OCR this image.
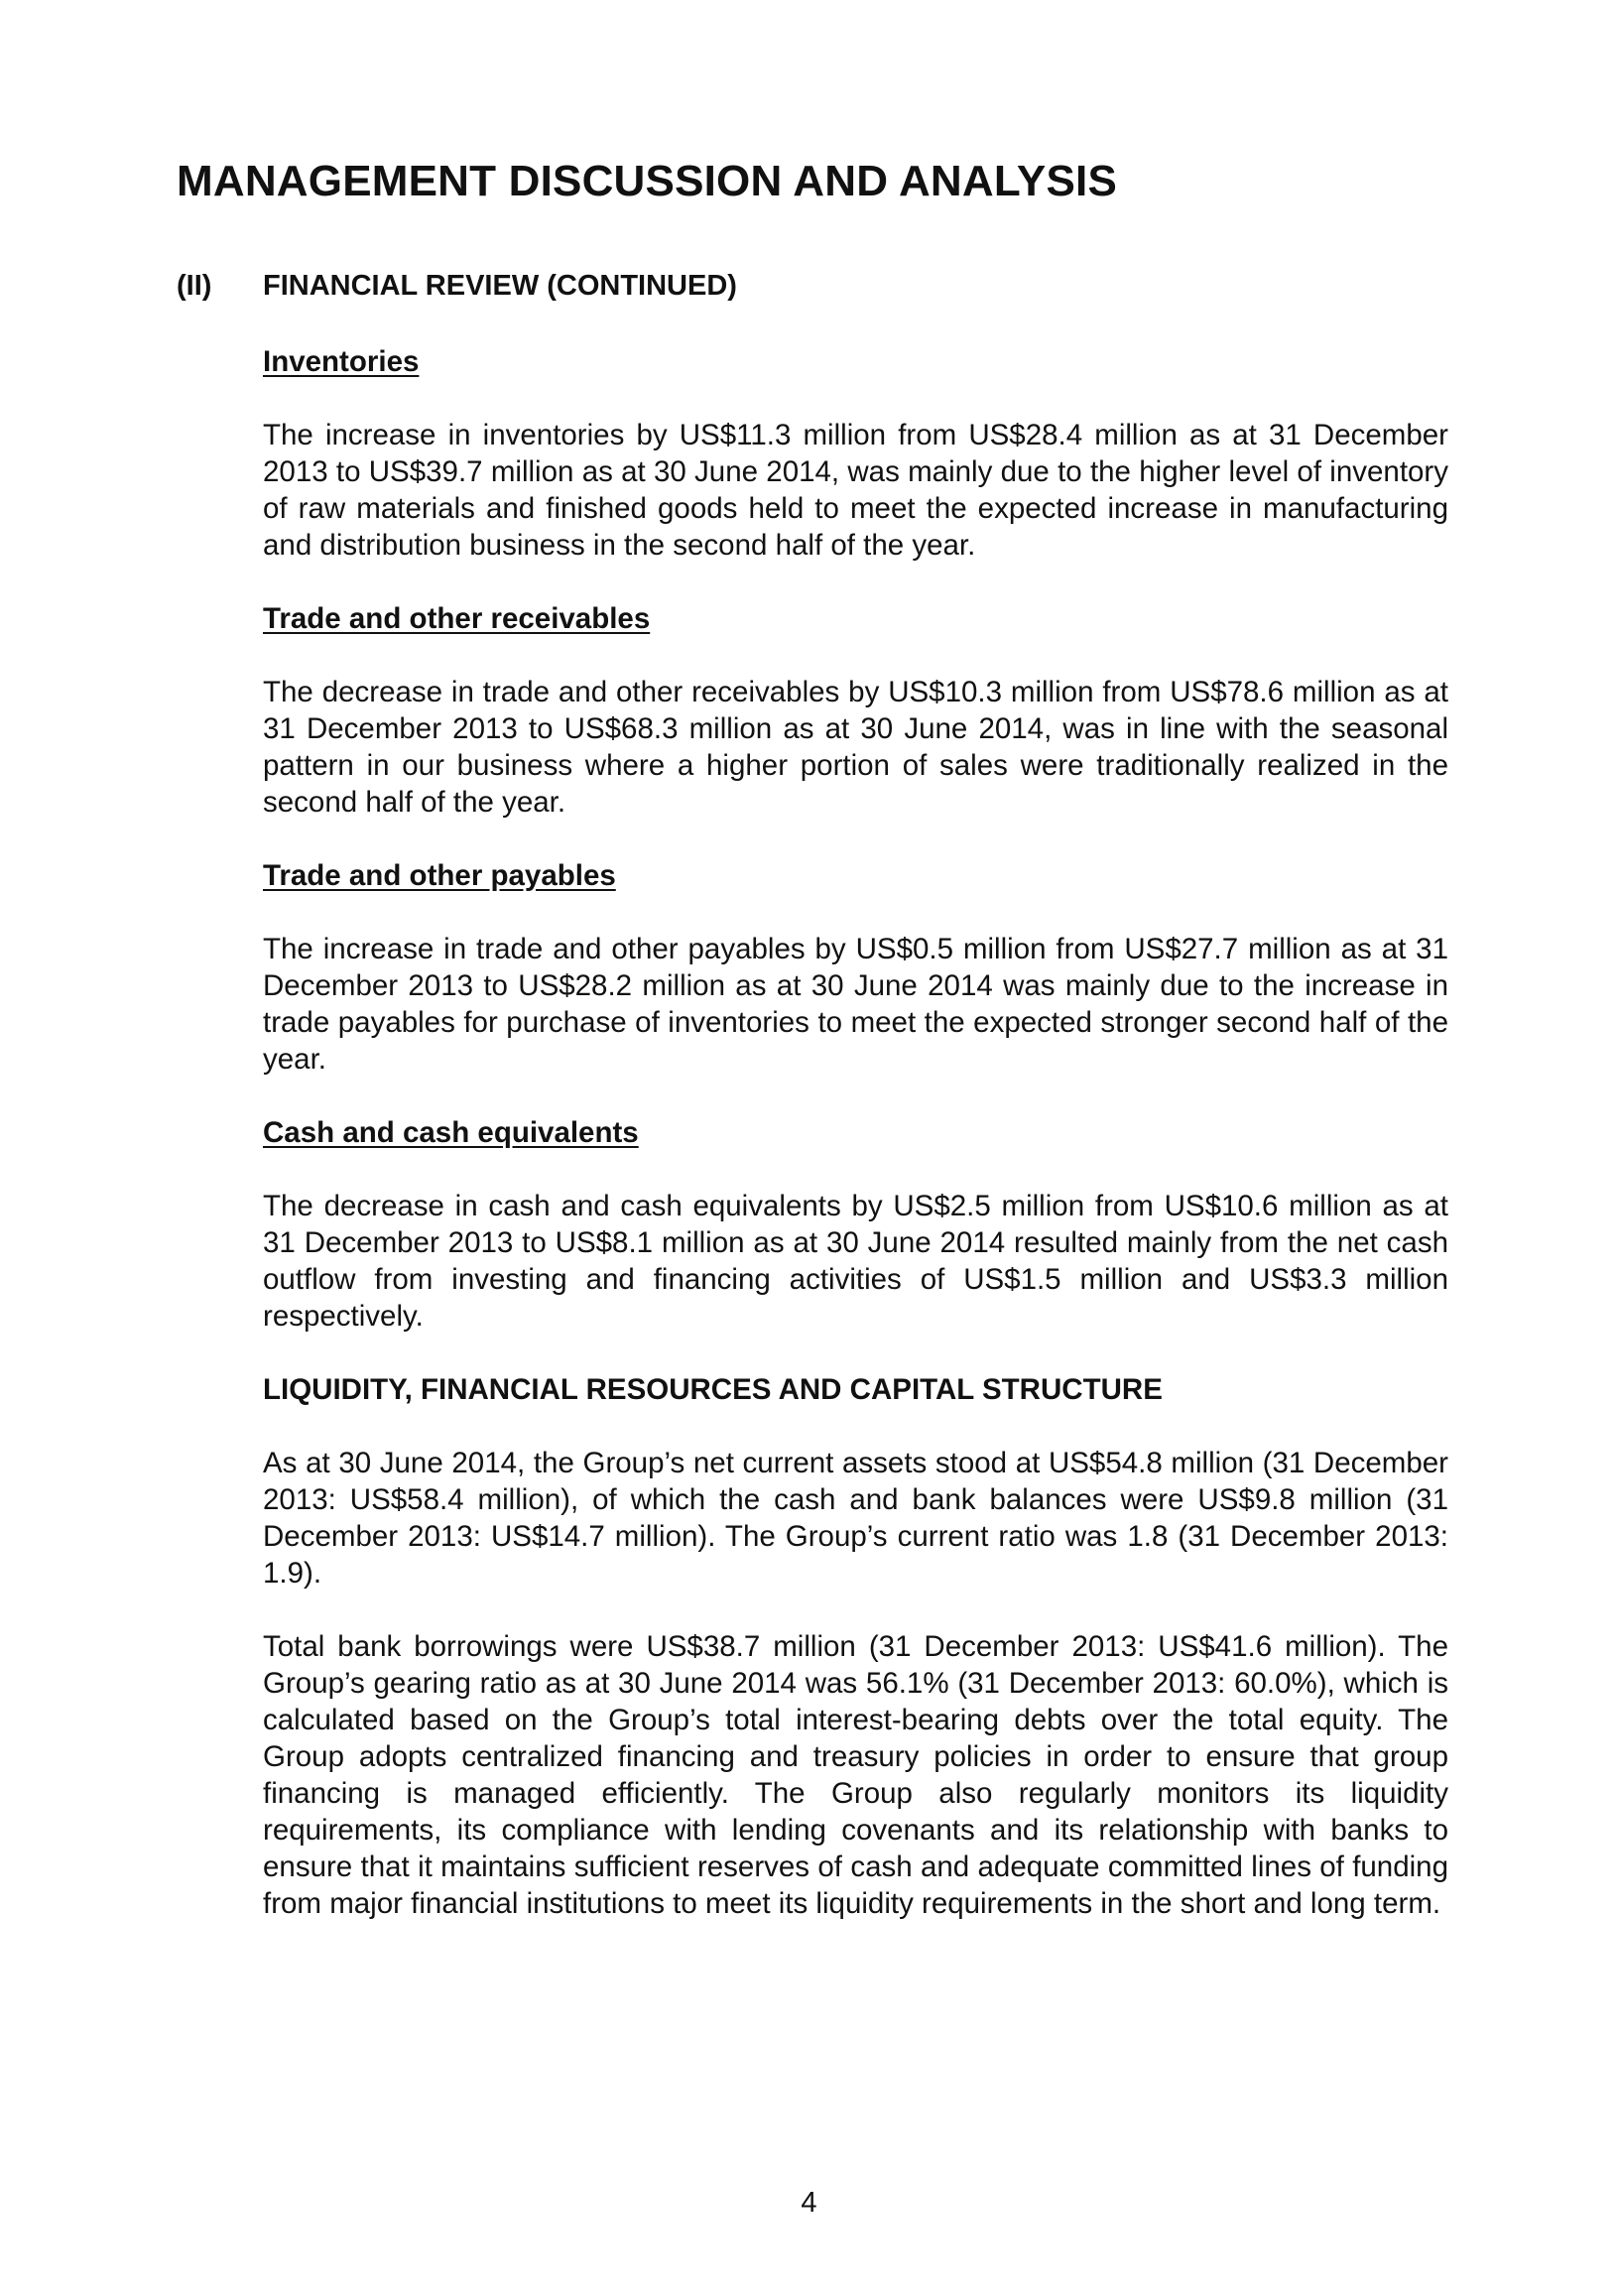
MANAGEMENT DISCUSSION AND ANALYSIS
(II)	FINANCIAL REVIEW (CONTINUED)
Inventories

The increase in inventories by US$11.3 million from US$28.4 million as at 31 December 2013 to US$39.7 million as at 30 June 2014, was mainly due to the higher level of inventory of raw materials and finished goods held to meet the expected increase in manufacturing and distribution business in the second half of the year.

Trade and other receivables

The decrease in trade and other receivables by US$10.3 million from US$78.6 million as at 31 December 2013 to US$68.3 million as at 30 June 2014, was in line with the seasonal pattern in our business where a higher portion of sales were traditionally realized in the second half of the year.

Trade and other payables

The increase in trade and other payables by US$0.5 million from US$27.7 million as at 31 December 2013 to US$28.2 million as at 30 June 2014 was mainly due to the increase in trade payables for purchase of inventories to meet the expected stronger second half of the year.

Cash and cash equivalents

The decrease in cash and cash equivalents by US$2.5 million from US$10.6 million as at 31 December 2013 to US$8.1 million as at 30 June 2014 resulted mainly from the net cash outflow from investing and financing activities of US$1.5 million and US$3.3 million respectively.

LIQUIDITY, FINANCIAL RESOURCES AND CAPITAL STRUCTURE

As at 30 June 2014, the Group’s net current assets stood at US$54.8 million (31 December 2013: US$58.4 million), of which the cash and bank balances were US$9.8 million (31 December 2013: US$14.7 million). The Group’s current ratio was 1.8 (31 December 2013: 1.9).

Total bank borrowings were US$38.7 million (31 December 2013: US$41.6 million). The Group’s gearing ratio as at 30 June 2014 was 56.1% (31 December 2013: 60.0%), which is calculated based on the Group’s total interest-bearing debts over the total equity. The Group adopts centralized financing and treasury policies in order to ensure that group financing is managed efficiently. The Group also regularly monitors its liquidity requirements, its compliance with lending covenants and its relationship with banks to ensure that it maintains sufficient reserves of cash and adequate committed lines of funding from major financial institutions to meet its liquidity requirements in the short and long term.

4
